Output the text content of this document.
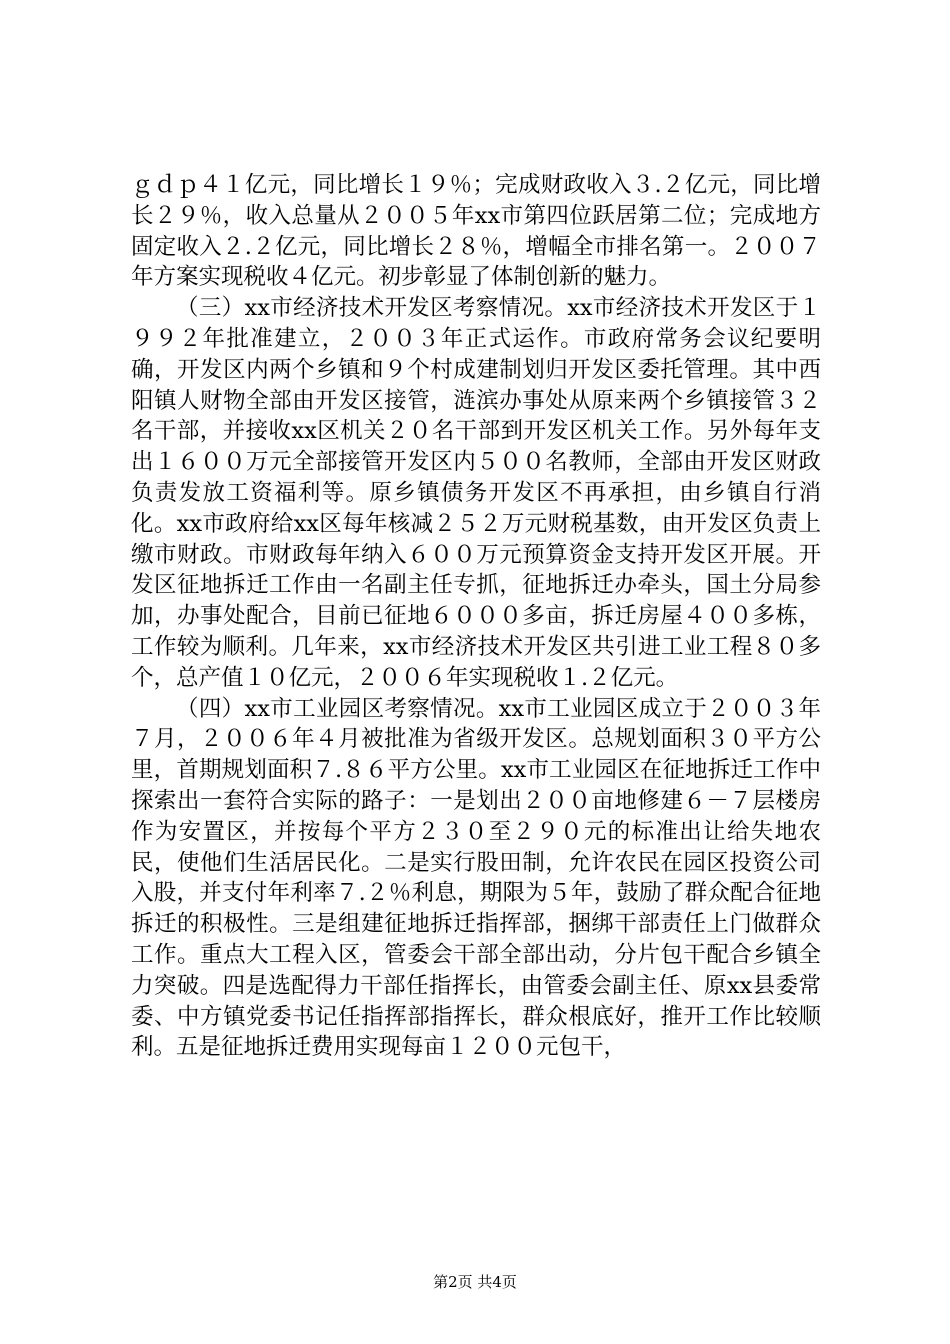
ｇｄｐ４１亿元，同比增长１９％；完成财政收入３.２亿元，同比增长２９％，收入总量从２００５年xx市第四位跃居第二位；完成地方固定收入２.２亿元，同比增长２８％，增幅全市排名第一。２００７年方案实现税收４亿元。初步彰显了体制创新的魅力。

（三）xx市经济技术开发区考察情况。xx市经济技术开发区于１９９２年批准建立，２００３年正式运作。市政府常务会议纪要明确，开发区内两个乡镇和９个村成建制划归开发区委托管理。其中西阳镇人财物全部由开发区接管，涟滨办事处从原来两个乡镇接管３２名干部，并接收xx区机关２０名干部到开发区机关工作。另外每年支出１６００万元全部接管开发区内５００名教师，全部由开发区财政负责发放工资福利等。原乡镇债务开发区不再承担，由乡镇自行消化。xx市政府给xx区每年核减２５２万元财税基数，由开发区负责上缴市财政。市财政每年纳入６００万元预算资金支持开发区开展。开发区征地拆迁工作由一名副主任专抓，征地拆迁办牵头，国土分局参加，办事处配合，目前已征地６０００多亩，拆迁房屋４００多栋，工作较为顺利。几年来，xx市经济技术开发区共引进工业工程８０多个，总产值１０亿元，２００６年实现税收１.２亿元。

（四）xx市工业园区考察情况。xx市工业园区成立于２００３年７月，２００６年４月被批准为省级开发区。总规划面积３０平方公里，首期规划面积７.８６平方公里。xx市工业园区在征地拆迁工作中探索出一套符合实际的路子：一是划出２００亩地修建６－７层楼房作为安置区，并按每个平方２３０至２９０元的标准出让给失地农民，使他们生活居民化。二是实行股田制，允许农民在园区投资公司入股，并支付年利率７.２％利息，期限为５年，鼓励了群众配合征地拆迁的积极性。三是组建征地拆迁指挥部，捆绑干部责任上门做群众工作。重点大工程入区，管委会干部全部出动，分片包干配合乡镇全力突破。四是选配得力干部任指挥长，由管委会副主任、原xx县委常委、中方镇党委书记任指挥部指挥长，群众根底好，推开工作比较顺利。五是征地拆迁费用实现每亩１２００元包干，

第2页 共4页
